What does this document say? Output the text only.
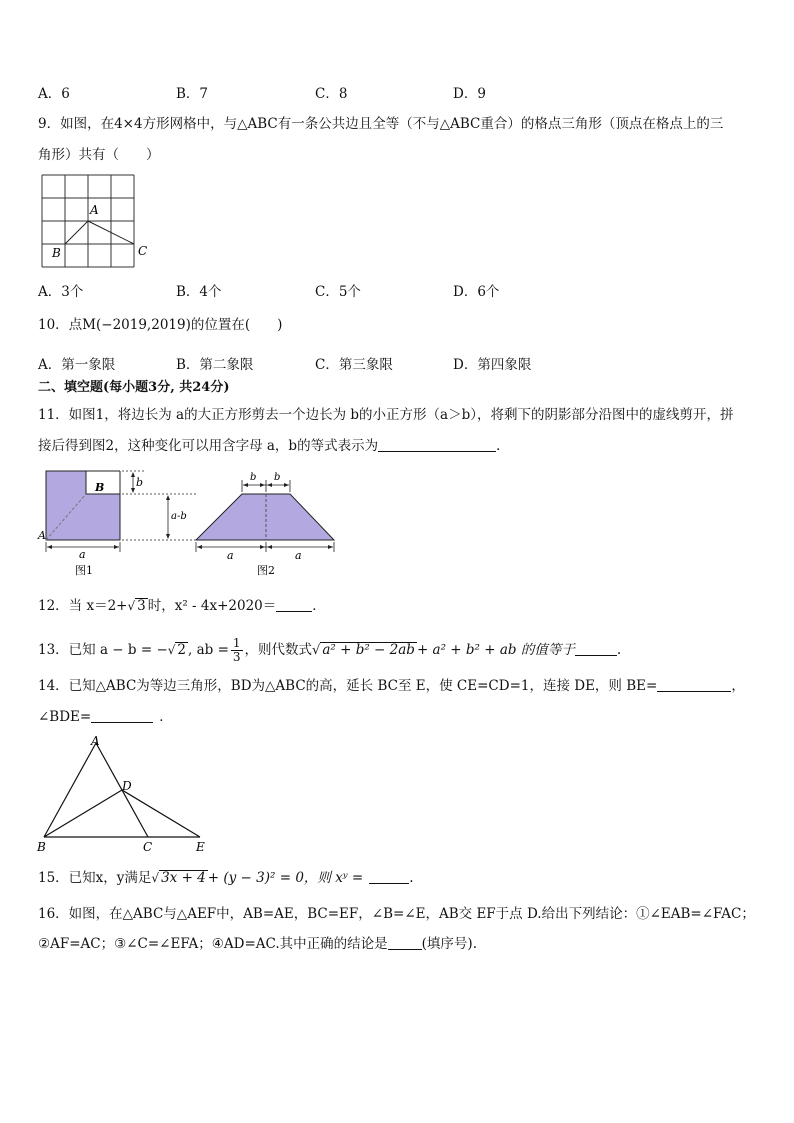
A．6	B．7	C．8	D．9
9．如图，在4×4方形网格中，与△ABC有一条公共边且全等（不与△ABC重合）的格点三角形（顶点在格点上的三
角形）共有（　　）
A
B	C
A．3个	B．4个	C．5个	D．6个
10．点M(−2019,2019)的位置在(　　)
A．第一象限	B．第二象限	C．第三象限	D．第四象限
二、填空题(每小题3分, 共24分)
11．如图1，将边长为 a的大正方形剪去一个边长为 b的小正方形（a＞b），将剩下的阴影部分沿图中的虚线剪开，拼
接后得到图2，这种变化可以用含字母 a，b的等式表示为	．
A
B	b
a-b
a
图1
b b
a	a
图2
12．当 x＝2+√ 3 时，x² - 4x+2020＝	．
13．已知 a − b = −√ 2 , ab = $\frac{1}{3}$ ，则代数式√ a² + b² − 2ab + a² + b² + ab 的值等于	.
14．已知△ABC为等边三角形，BD为△ABC的高，延长 BC至 E，使 CE=CD=1，连接 DE，则 BE=	，
∠BDE=	．
A
B	C
D
E
15．已知x，y满足√ 3x + 4 + (y − 3)² = 0，则 xʸ =	.
16．如图，在△ABC与△AEF中，AB=AE，BC=EF，∠B=∠E，AB交 EF于点 D.给出下列结论：①∠EAB=∠FAC；
②AF=AC；③∠C=∠EFA；④AD=AC.其中正确的结论是	(填序号).
